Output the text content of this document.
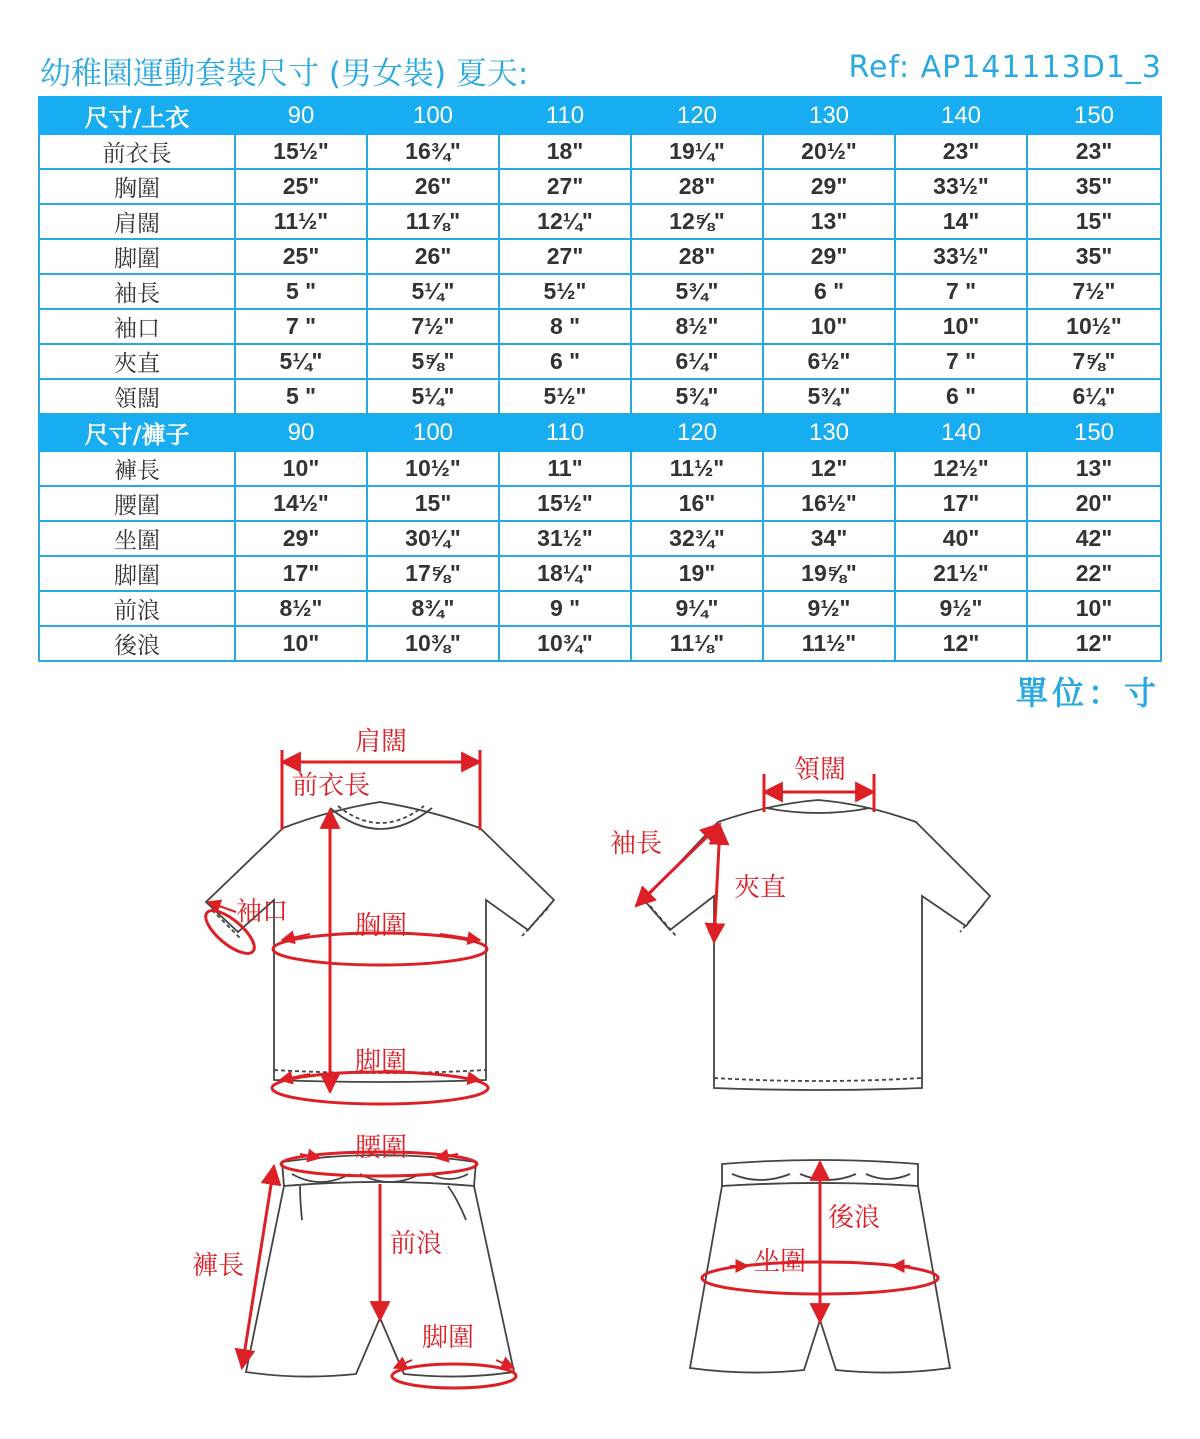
幼稚園運動套裝尺寸 (男女裝) 夏天:	Ref: AP141113D1_3
尺寸/上衣	90	100	110	120	130	140	150
前衣長	15½"	16¾"	18"	19¼"	20½"	23"	23"
胸圍	25"	26"	27"	28"	29"	33½"	35"
肩闊	11½"	11⅞"	12¼"	12⅝"	13"	14"	15"
脚圍	25"	26"	27"	28"	29"	33½"	35"
袖長	5 "	5¼"	5½"	5¾"	6 "	7 "	7½"
袖口	7 "	7½"	8 "	8½"	10"	10"	10½"
夾直	5¼"	5⅝"	6 "	6¼"	6½"	7 "	7⅝"
領闊	5 "	5¼"	5½"	5¾"	5¾"	6 "	6¼"
尺寸/褲子	90	100	110	120	130	140	150
褲長	10"	10½"	11"	11½"	12"	12½"	13"
腰圍	14½"	15"	15½"	16"	16½"	17"	20"
坐圍	29"	30¼"	31½"	32¾"	34"	40"	42"
脚圍	17"	17⅝"	18¼"	19"	19⅝"	21½"	22"
前浪	8½"	8¾"	9 "	9¼"	9½"	9½"	10"
後浪	10"	10⅜"	10¾"	11⅛"	11½"	12"	12"
單位：寸
肩闊
前衣長
袖口	胸圍
脚圍
領闊
袖長
夾直
腰圍
褲長
前浪
脚圍
後浪
坐圍
